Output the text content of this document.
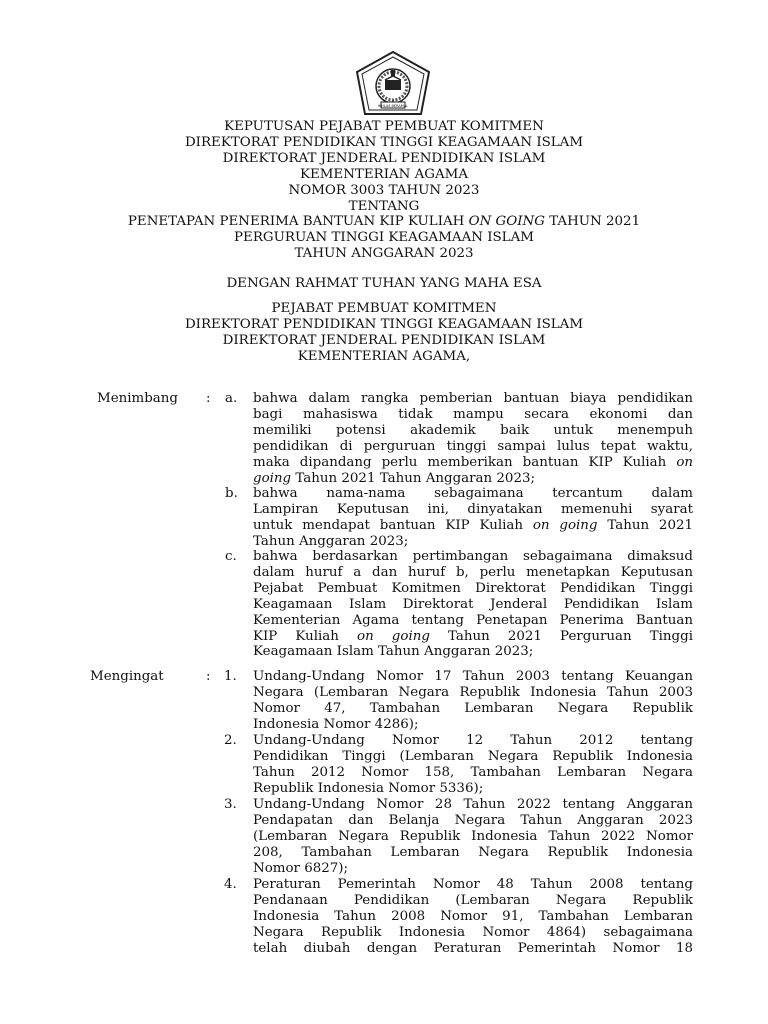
IKHLAS BERAMAL
KEPUTUSAN PEJABAT PEMBUAT KOMITMEN
DIREKTORAT PENDIDIKAN TINGGI KEAGAMAAN ISLAM
DIREKTORAT JENDERAL PENDIDIKAN ISLAM
KEMENTERIAN AGAMA
NOMOR 3003 TAHUN 2023
TENTANG
PENETAPAN PENERIMA BANTUAN KIP KULIAH ON GOING TAHUN 2021
PERGURUAN TINGGI KEAGAMAAN ISLAM
TAHUN ANGGARAN 2023
DENGAN RAHMAT TUHAN YANG MAHA ESA
PEJABAT PEMBUAT KOMITMEN
DIREKTORAT PENDIDIKAN TINGGI KEAGAMAAN ISLAM
DIREKTORAT JENDERAL PENDIDIKAN ISLAM
KEMENTERIAN AGAMA,
Menimbang	: a.	bahwa dalam rangka pemberian bantuan biaya pendidikan
bagi mahasiswa tidak mampu secara ekonomi dan
memiliki potensi akademik baik untuk menempuh
pendidikan di perguruan tinggi sampai lulus tepat waktu,
maka dipandang perlu memberikan bantuan KIP Kuliah on
going Tahun 2021 Tahun Anggaran 2023;
b.	bahwa nama-nama sebagaimana tercantum dalam
Lampiran Keputusan ini, dinyatakan memenuhi syarat
untuk mendapat bantuan KIP Kuliah on going Tahun 2021
Tahun Anggaran 2023;
c.	bahwa berdasarkan pertimbangan sebagaimana dimaksud
dalam huruf a dan huruf b, perlu menetapkan Keputusan
Pejabat Pembuat Komitmen Direktorat Pendidikan Tinggi
Keagamaan Islam Direktorat Jenderal Pendidikan Islam
Kementerian Agama tentang Penetapan Penerima Bantuan
KIP Kuliah on going Tahun 2021 Perguruan Tinggi
Keagamaan Islam Tahun Anggaran 2023;
Mengingat	: 1.	Undang-Undang Nomor 17 Tahun 2003 tentang Keuangan
Negara (Lembaran Negara Republik Indonesia Tahun 2003
Nomor 47, Tambahan Lembaran Negara Republik
Indonesia Nomor 4286);
2.	Undang-Undang Nomor 12 Tahun 2012 tentang
Pendidikan Tinggi (Lembaran Negara Republik Indonesia
Tahun 2012 Nomor 158, Tambahan Lembaran Negara
Republik Indonesia Nomor 5336);
3.	Undang-Undang Nomor 28 Tahun 2022 tentang Anggaran
Pendapatan dan Belanja Negara Tahun Anggaran 2023
(Lembaran Negara Republik Indonesia Tahun 2022 Nomor
208, Tambahan Lembaran Negara Republik Indonesia
Nomor 6827);
4.	Peraturan Pemerintah Nomor 48 Tahun 2008 tentang
Pendanaan Pendidikan (Lembaran Negara Republik
Indonesia Tahun 2008 Nomor 91, Tambahan Lembaran
Negara Republik Indonesia Nomor 4864) sebagaimana
telah diubah dengan Peraturan Pemerintah Nomor 18
